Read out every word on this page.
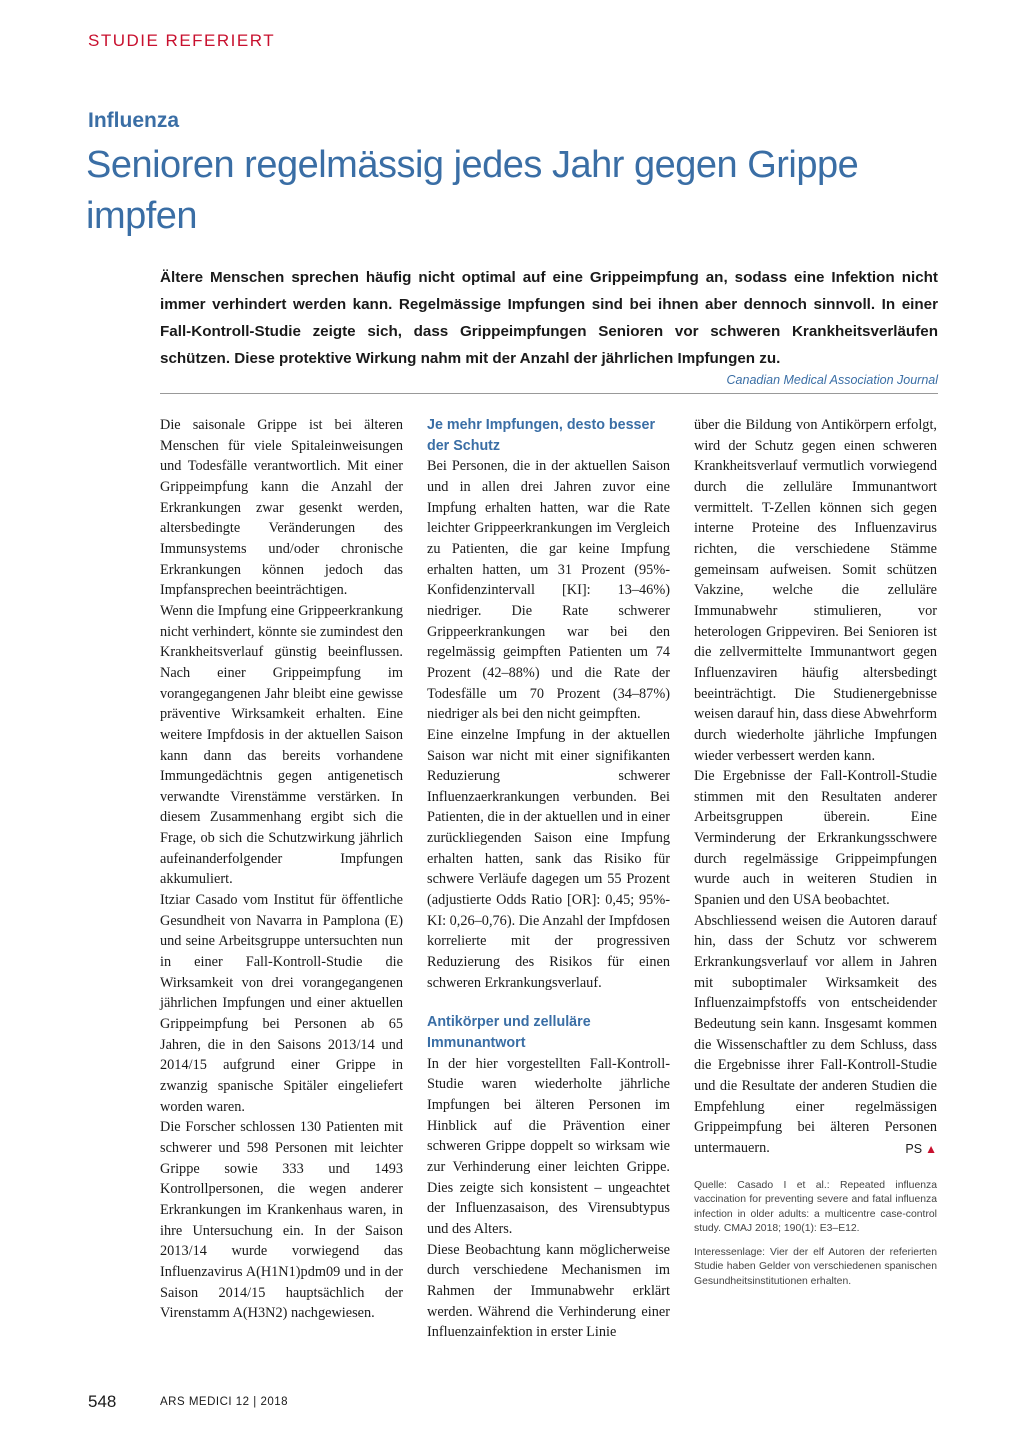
STUDIE REFERIERT
Influenza
Senioren regelmässig jedes Jahr gegen Grippe impfen
Ältere Menschen sprechen häufig nicht optimal auf eine Grippeimpfung an, sodass eine Infektion nicht immer verhindert werden kann. Regelmässige Impfungen sind bei ihnen aber dennoch sinnvoll. In einer Fall-Kontroll-Studie zeigte sich, dass Grippeimpfungen Senioren vor schweren Krankheitsverläufen schützen. Diese protektive Wirkung nahm mit der Anzahl der jährlichen Impfungen zu.
Canadian Medical Association Journal

Die saisonale Grippe ist bei älteren Menschen für viele Spitaleinweisungen und Todesfälle verantwortlich. Mit einer Grippeimpfung kann die Anzahl der Erkrankungen zwar gesenkt werden, altersbedingte Veränderungen des Immunsystems und/oder chronische Erkrankungen können jedoch das Impfansprechen beeinträchtigen.

Wenn die Impfung eine Grippeerkrankung nicht verhindert, könnte sie zumindest den Krankheitsverlauf günstig beeinflussen. Nach einer Grippeimpfung im vorangegangenen Jahr bleibt eine gewisse präventive Wirksamkeit erhalten. Eine weitere Impfdosis in der aktuellen Saison kann dann das bereits vorhandene Immungedächtnis gegen antigenetisch verwandte Virenstämme verstärken. In diesem Zusammenhang ergibt sich die Frage, ob sich die Schutzwirkung jährlich aufeinanderfolgender Impfungen akkumuliert.

Itziar Casado vom Institut für öffentliche Gesundheit von Navarra in Pamplona (E) und seine Arbeitsgruppe untersuchten nun in einer Fall-Kontroll-Studie die Wirksamkeit von drei vorangegangenen jährlichen Impfungen und einer aktuellen Grippeimpfung bei Personen ab 65 Jahren, die in den Saisons 2013/14 und 2014/15 aufgrund einer Grippe in zwanzig spanische Spitäler eingeliefert worden waren.

Die Forscher schlossen 130 Patienten mit schwerer und 598 Personen mit leichter Grippe sowie 333 und 1493 Kontrollpersonen, die wegen anderer Erkrankungen im Krankenhaus waren, in ihre Untersuchung ein. In der Saison 2013/14 wurde vorwiegend das Influenzavirus A(H1N1)pdm09 und in der Saison 2014/15 hauptsächlich der Virenstamm A(H3N2) nachgewiesen.

Je mehr Impfungen, desto besser der Schutz

Bei Personen, die in der aktuellen Saison und in allen drei Jahren zuvor eine Impfung erhalten hatten, war die Rate leichter Grippeerkrankungen im Vergleich zu Patienten, die gar keine Impfung erhalten hatten, um 31 Prozent (95%-Konfidenzintervall [KI]: 13–46%) niedriger. Die Rate schwerer Grippeerkrankungen war bei den regelmässig geimpften Patienten um 74 Prozent (42–88%) und die Rate der Todesfälle um 70 Prozent (34–87%) niedriger als bei den nicht geimpften.

Eine einzelne Impfung in der aktuellen Saison war nicht mit einer signifikanten Reduzierung schwerer Influenzaerkrankungen verbunden. Bei Patienten, die in der aktuellen und in einer zurückliegenden Saison eine Impfung erhalten hatten, sank das Risiko für schwere Verläufe dagegen um 55 Prozent (adjustierte Odds Ratio [OR]: 0,45; 95%-KI: 0,26–0,76). Die Anzahl der Impfdosen korrelierte mit der progressiven Reduzierung des Risikos für einen schweren Erkrankungsverlauf.

Antikörper und zelluläre Immunantwort

In der hier vorgestellten Fall-Kontroll-Studie waren wiederholte jährliche Impfungen bei älteren Personen im Hinblick auf die Prävention einer schweren Grippe doppelt so wirksam wie zur Verhinderung einer leichten Grippe. Dies zeigte sich konsistent – ungeachtet der Influenzasaison, des Virensubtypus und des Alters.

Diese Beobachtung kann möglicherweise durch verschiedene Mechanismen im Rahmen der Immunabwehr erklärt werden. Während die Verhinderung einer Influenzainfektion in erster Linie

über die Bildung von Antikörpern erfolgt, wird der Schutz gegen einen schweren Krankheitsverlauf vermutlich vorwiegend durch die zelluläre Immunantwort vermittelt. T-Zellen können sich gegen interne Proteine des Influenzavirus richten, die verschiedene Stämme gemeinsam aufweisen. Somit schützen Vakzine, welche die zelluläre Immunabwehr stimulieren, vor heterologen Grippeviren. Bei Senioren ist die zellvermittelte Immunantwort gegen Influenzaviren häufig altersbedingt beeinträchtigt. Die Studienergebnisse weisen darauf hin, dass diese Abwehrform durch wiederholte jährliche Impfungen wieder verbessert werden kann.

Die Ergebnisse der Fall-Kontroll-Studie stimmen mit den Resultaten anderer Arbeitsgruppen überein. Eine Verminderung der Erkrankungsschwere durch regelmässige Grippeimpfungen wurde auch in weiteren Studien in Spanien und den USA beobachtet.

Abschliessend weisen die Autoren darauf hin, dass der Schutz vor schwerem Erkrankungsverlauf vor allem in Jahren mit suboptimaler Wirksamkeit des Influenzaimpfstoffs von entscheidender Bedeutung sein kann. Insgesamt kommen die Wissenschaftler zu dem Schluss, dass die Ergebnisse ihrer Fall-Kontroll-Studie und die Resultate der anderen Studien die Empfehlung einer regelmässigen Grippeimpfung bei älteren Personen untermauern.	PS ▲

Quelle: Casado I et al.: Repeated influenza vaccination for preventing severe and fatal influenza infection in older adults: a multicentre case-control study. CMAJ 2018; 190(1): E3–E12.

Interessenlage: Vier der elf Autoren der referierten Studie haben Gelder von verschiedenen spanischen Gesundheitsinstitutionen erhalten.

548	ARS MEDICI 12 | 2018
